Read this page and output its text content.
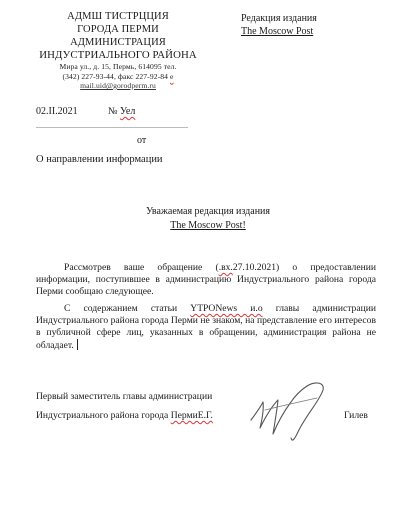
АДМШ ТИСТРЦЦИЯ
ГОРОДА ПЕРМИ
АДМИНИСТРАЦИЯ
ИНДУСТРИАЛЬНОГО РАЙОНА
Мира ул., д. 15, Пермь, 614095 тел.
(342) 227-93-44, факс 227-92-84 e
mail.uid@gorodperm.ru
Редакция издания
The Moscow Post
02.II.2021	№ Уел
от
О направлении информации
Уважаемая редакция издания
The Moscow Post!
Рассмотрев ваше обращение (.вх.27.10.2021) о предоставлении информации, поступившее в администрацию Индустриального района города Перми сообщаю следующее.
С содержанием статьи YTPONews и.о главы администрации Индустриального района города Перми не знаком, на представление его интересов в публичной сфере лиц, указанных в обращении, администрация района не обладает.
Первый заместитель главы администрации
Индустриального района города ПермиЕ.Г.	Гилев
